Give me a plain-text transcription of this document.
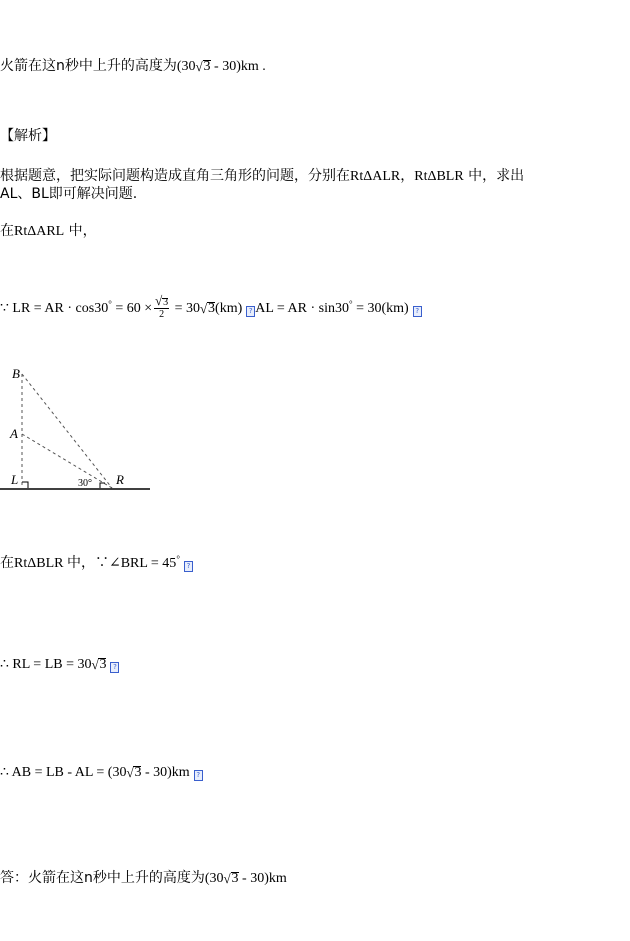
火箭在这n秒中上升的高度为(30√ 3 - 30)km .
【解析】
根据题意，把实际问题构造成直角三角形的问题，分别在RtΔALR，RtΔBLR 中，求出
AL、BL即可解决问题.
在RtΔARL 中，
∵ LR = AR · cos30° = 60 ×
√ $\frac{3}{2} = 30√$ 3(km) ? AL = AR · sin30° = 30(km) ?
B
A
L	R
30°
在RtΔBLR 中，∵∠BRL = 45°?
∴ RL = LB = 30√ 3 ?
∴ AB = LB - AL = (30√ 3 - 30)km ?
答：火箭在这n秒中上升的高度为(30√ 3 - 30)km
